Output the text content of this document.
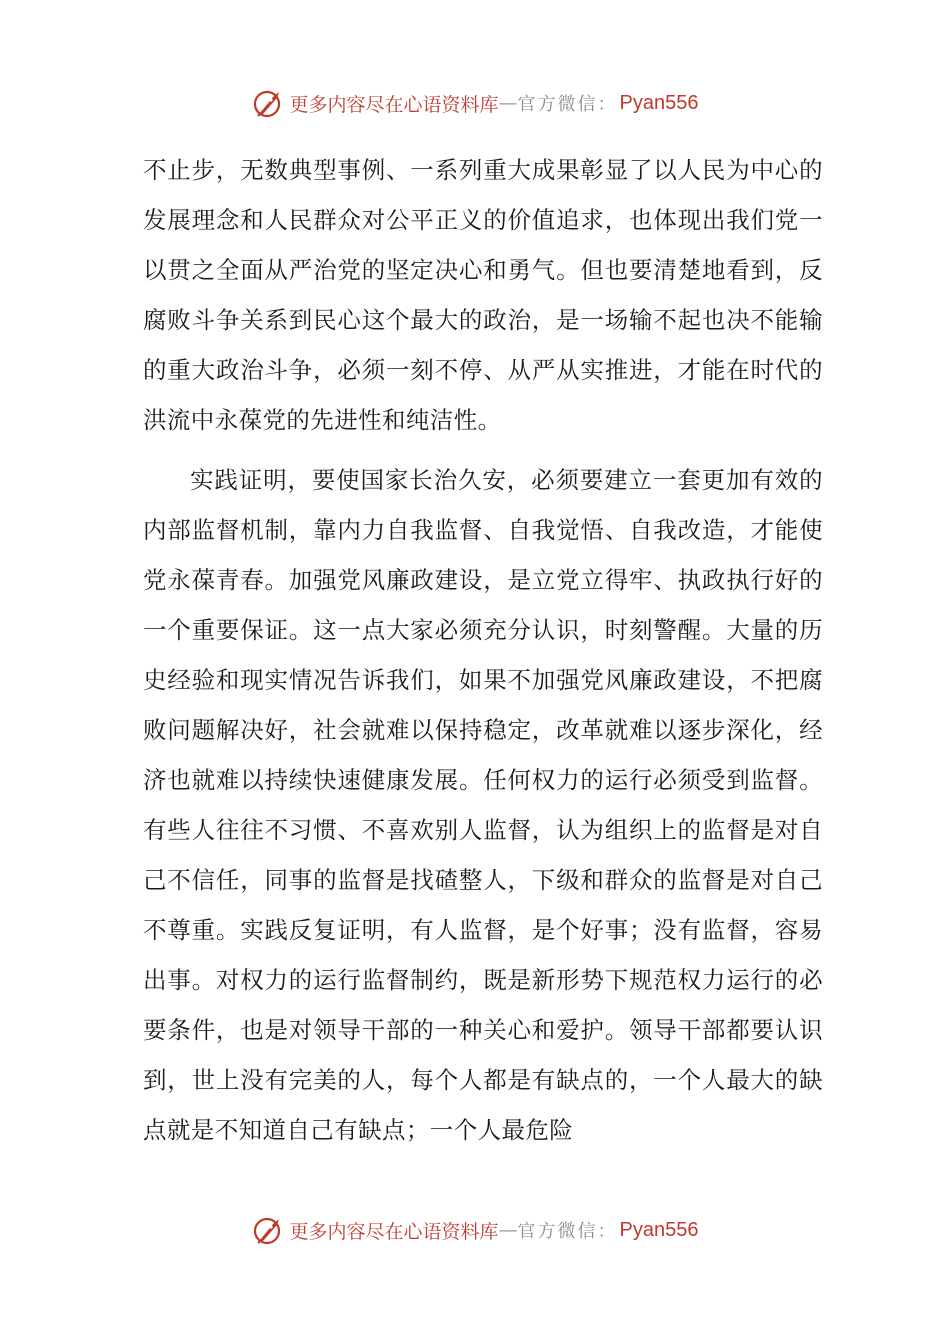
更多内容尽在心语资料库 — 官方微信： Pyan556

不止步，无数典型事例、一系列重大成果彰显了以人民为中心的发展理念和人民群众对公平正义的价值追求，也体现出我们党一以贯之全面从严治党的坚定决心和勇气。但也要清楚地看到，反腐败斗争关系到民心这个最大的政治，是一场输不起也决不能输的重大政治斗争，必须一刻不停、从严从实推进，才能在时代的洪流中永葆党的先进性和纯洁性。

实践证明，要使国家长治久安，必须要建立一套更加有效的内部监督机制，靠内力自我监督、自我觉悟、自我改造，才能使党永葆青春。加强党风廉政建设，是立党立得牢、执政执行好的一个重要保证。这一点大家必须充分认识，时刻警醒。大量的历史经验和现实情况告诉我们，如果不加强党风廉政建设，不把腐败问题解决好，社会就难以保持稳定，改革就难以逐步深化，经济也就难以持续快速健康发展。任何权力的运行必须受到监督。有些人往往不习惯、不喜欢别人监督，认为组织上的监督是对自己不信任，同事的监督是找碴整人，下级和群众的监督是对自己不尊重。实践反复证明，有人监督，是个好事；没有监督，容易出事。对权力的运行监督制约，既是新形势下规范权力运行的必要条件，也是对领导干部的一种关心和爱护。领导干部都要认识到，世上没有完美的人，每个人都是有缺点的，一个人最大的缺点就是不知道自己有缺点；一个人最危险

更多内容尽在心语资料库 — 官方微信： Pyan556
